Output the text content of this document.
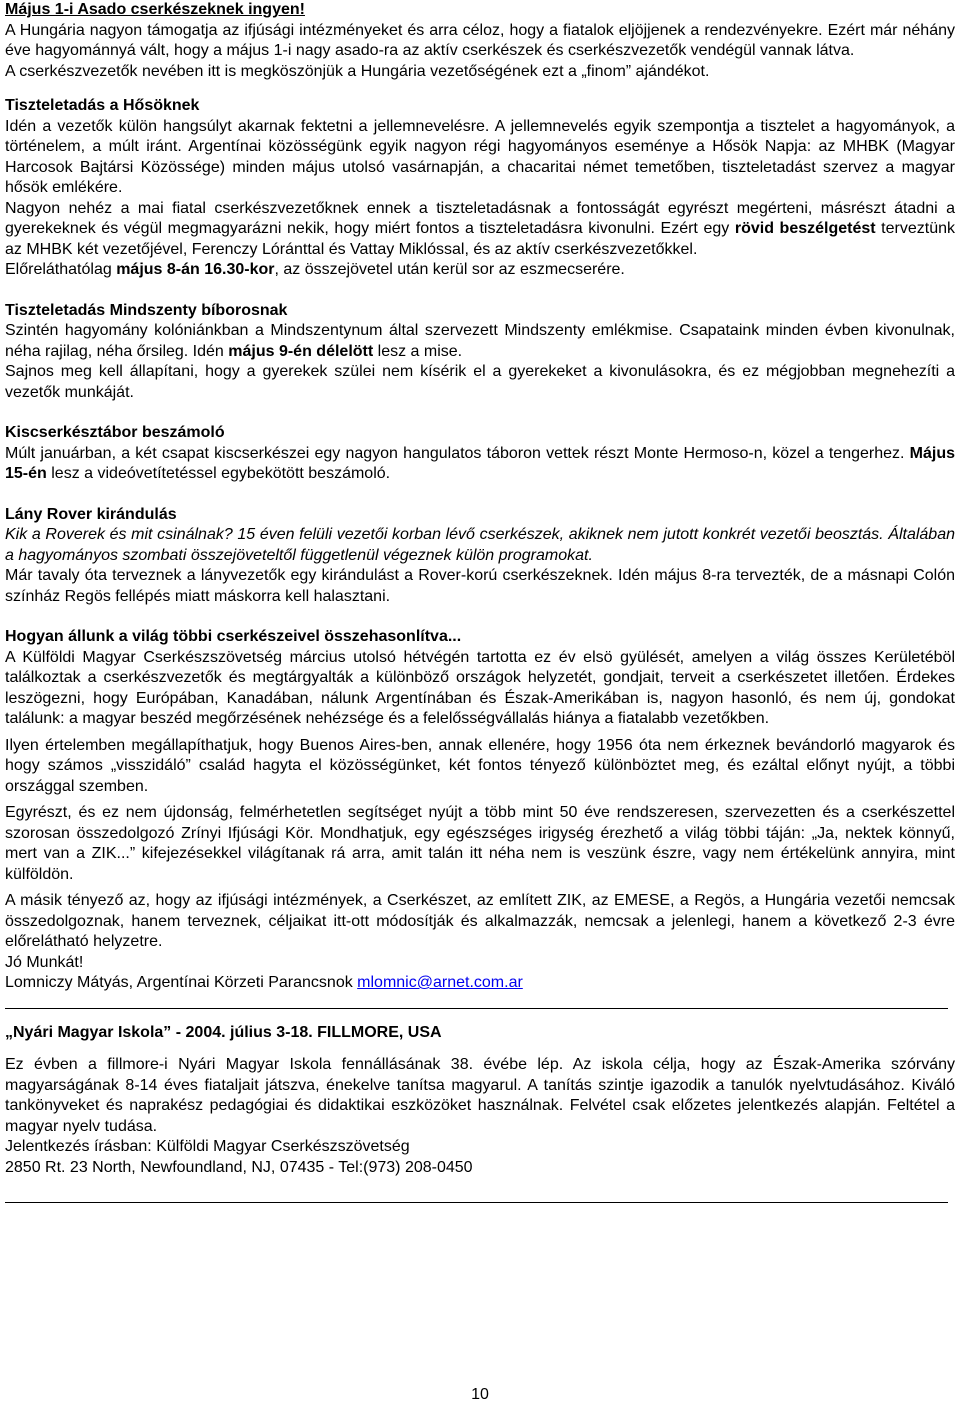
Május 1-i Asado cserkészeknek ingyen!

A Hungária nagyon támogatja az ifjúsági intézményeket és arra céloz, hogy a fiatalok eljöjjenek a rendezvényekre. Ezért már néhány éve hagyománnyá vált, hogy a május 1-i nagy asado-ra az aktív cserkészek és cserkészvezetők vendégül vannak látva.

A cserkészvezetők nevében itt is megköszönjük a Hungária vezetőségének ezt a „finom” ajándékot.

Tiszteletadás a Hősöknek

Idén a vezetők külön hangsúlyt akarnak fektetni a jellemnevelésre. A jellemnevelés egyik szempontja a tisztelet a hagyományok, a történelem, a múlt iránt. Argentínai közösségünk egyik nagyon régi hagyományos eseménye a Hősök Napja: az MHBK (Magyar Harcosok Bajtársi Közössége) minden május utolsó vasárnapján, a chacaritai német temetőben, tiszteletadást szervez a magyar hősök emlékére.

Nagyon nehéz a mai fiatal cserkészvezetőknek ennek a tiszteletadásnak a fontosságát egyrészt megérteni, másrészt átadni a gyerekeknek és végül megmagyarázni nekik, hogy miért fontos a tiszteletadásra kivonulni. Ezért egy rövid beszélgetést terveztünk az MHBK két vezetőjével, Ferenczy Lóránttal és Vattay Miklóssal, és az aktív cserkészvezetőkkel.

Előreláthatólag május 8-án 16.30-kor, az összejövetel után kerül sor az eszmecserére.

Tiszteletadás Mindszenty bíborosnak

Szintén hagyomány kolóniánkban a Mindszentynum által szervezett Mindszenty emlékmise. Csapataink minden évben kivonulnak, néha rajilag, néha őrsileg. Idén május 9-én délelött lesz a mise.

Sajnos meg kell állapítani, hogy a gyerekek szülei nem kísérik el a gyerekeket a kivonulásokra, és ez mégjobban megnehezíti a vezetők munkáját.

Kiscserkésztábor beszámoló

Múlt januárban, a két csapat kiscserkészei egy nagyon hangulatos táboron vettek részt Monte Hermoso-n, közel a tengerhez. Május 15-én lesz a videóvetítetéssel egybekötött beszámoló.

Lány Rover kirándulás

Kik a Roverek és mit csinálnak? 15 éven felüli vezetői korban lévő cserkészek, akiknek nem jutott konkrét vezetői beosztás. Általában a hagyományos szombati összejöveteltől függetlenül végeznek külön programokat.

Már tavaly óta terveznek a lányvezetők egy kirándulást a Rover-korú cserkészeknek. Idén május 8-ra tervezték, de a másnapi Colón színház Regös fellépés miatt máskorra kell halasztani.

Hogyan állunk a világ többi cserkészeivel összehasonlítva...

A Külföldi Magyar Cserkészszövetség március utolsó hétvégén tartotta ez év elsö gyülését, amelyen a világ összes Kerületéböl találkoztak a cserkészvezetők és megtárgyalták a különböző országok helyzetét, gondjait, terveit a cserkészetet illetően. Érdekes leszögezni, hogy Európában, Kanadában, nálunk Argentínában és Észak-Amerikában is, nagyon hasonló, és nem új, gondokat találunk: a magyar beszéd megőrzésének nehézsége és a felelősségvállalás hiánya a fiatalabb vezetőkben.

Ilyen értelemben megállapíthatjuk, hogy Buenos Aires-ben, annak ellenére, hogy 1956 óta nem érkeznek bevándorló magyarok és hogy számos „visszidáló” család hagyta el közösségünket, két fontos tényező különböztet meg, és ezáltal előnyt nyújt, a többi országgal szemben.

Egyrészt, és ez nem újdonság, felmérhetetlen segítséget nyújt a több mint 50 éve rendszeresen, szervezetten és a cserkészettel szorosan összedolgozó Zrínyi Ifjúsági Kör. Mondhatjuk, egy egészséges irigység érezhető a világ többi táján: „Ja, nektek könnyű, mert van a ZIK...” kifejezésekkel világítanak rá arra, amit talán itt néha nem is veszünk észre, vagy nem értékelünk annyira, mint külföldön.

A másik tényező az, hogy az ifjúsági intézmények, a Cserkészet, az említett ZIK, az EMESE, a Regös, a Hungária vezetői nemcsak összedolgoznak, hanem terveznek, céljaikat itt-ott módosítják és alkalmazzák, nemcsak a jelenlegi, hanem a következő 2-3 évre előrelátható helyzetre.

Jó Munkát!

Lomniczy Mátyás, Argentínai Körzeti Parancsnok mlomnic@arnet.com.ar

„Nyári Magyar Iskola” - 2004. július 3-18. FILLMORE, USA

Ez évben a fillmore-i Nyári Magyar Iskola fennállásának 38. évébe lép. Az iskola célja, hogy az Észak-Amerika szórvány magyarságának 8-14 éves fiataljait játszva, énekelve tanítsa magyarul. A tanítás szintje igazodik a tanulók nyelvtudásához. Kiváló tankönyveket és naprakész pedagógiai és didaktikai eszközöket használnak. Felvétel csak előzetes jelentkezés alapján. Feltétel a magyar nyelv tudása.

Jelentkezés írásban: Külföldi Magyar Cserkészszövetség

2850 Rt. 23 North, Newfoundland, NJ, 07435 - Tel:(973) 208-0450

10
